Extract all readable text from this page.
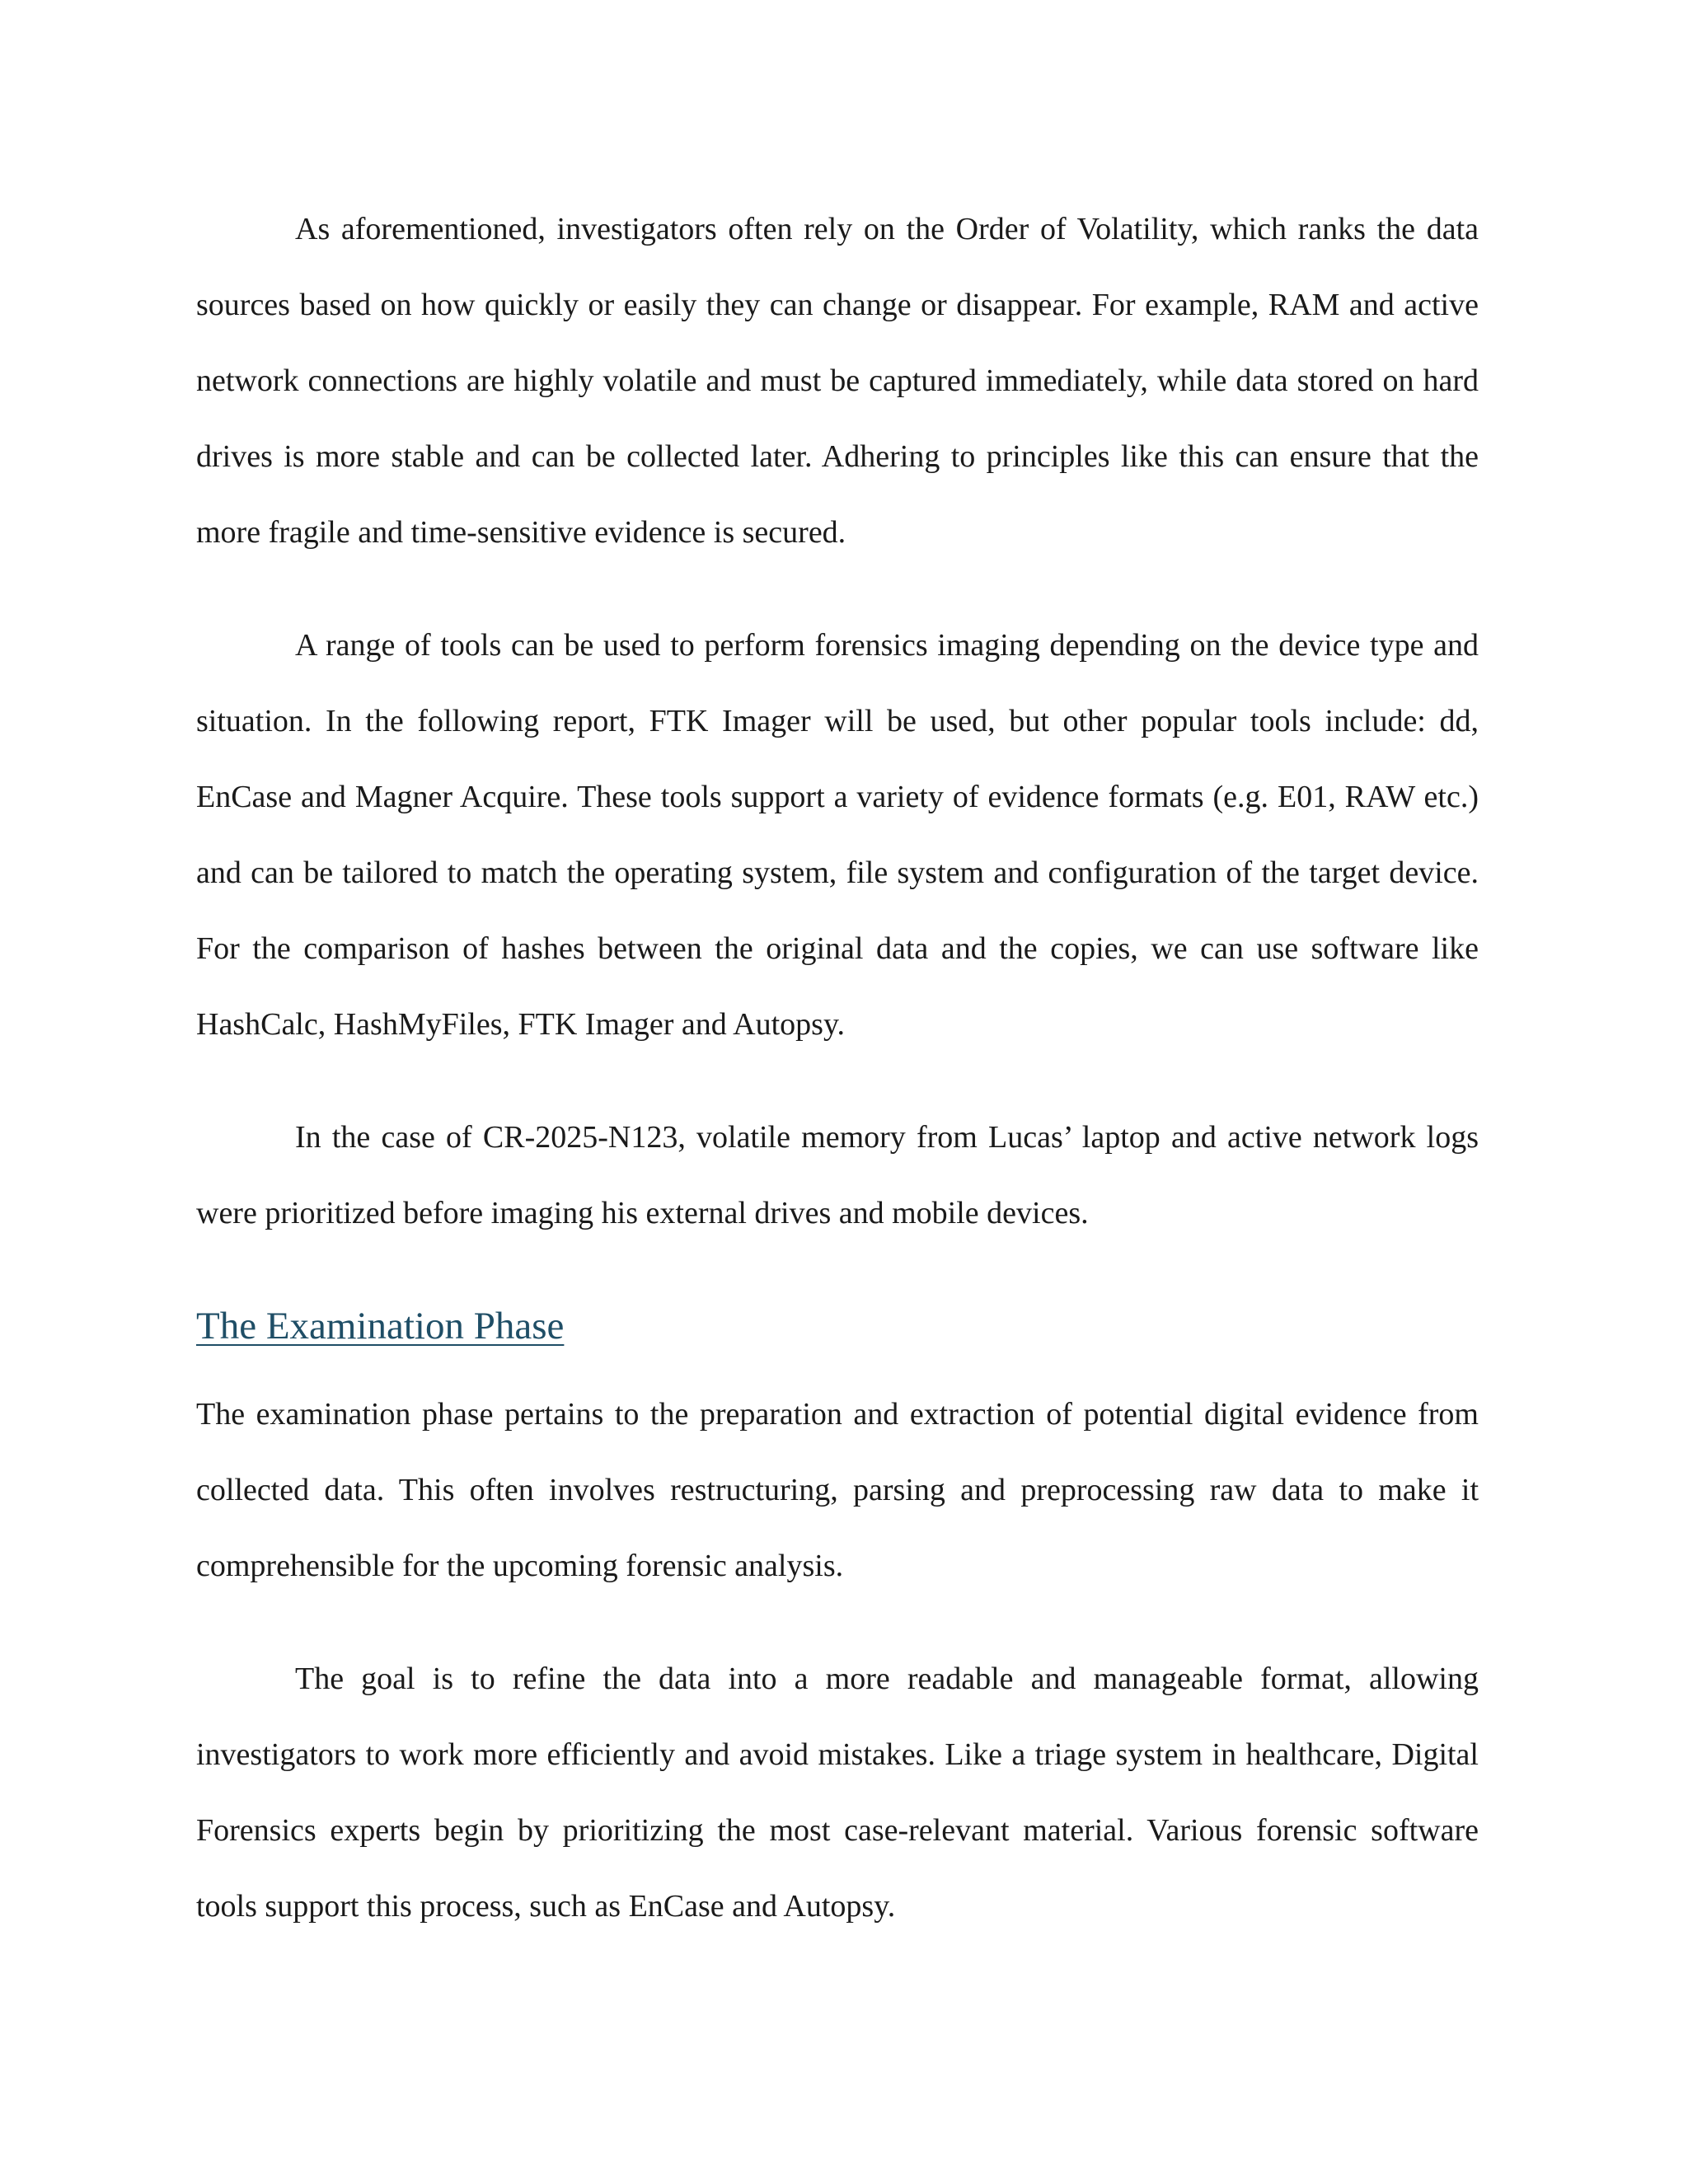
As aforementioned, investigators often rely on the Order of Volatility, which ranks the data sources based on how quickly or easily they can change or disappear. For example, RAM and active network connections are highly volatile and must be captured immediately, while data stored on hard drives is more stable and can be collected later. Adhering to principles like this can ensure that the more fragile and time-sensitive evidence is secured.

A range of tools can be used to perform forensics imaging depending on the device type and situation. In the following report, FTK Imager will be used, but other popular tools include: dd, EnCase and Magner Acquire. These tools support a variety of evidence formats (e.g. E01, RAW etc.) and can be tailored to match the operating system, file system and configuration of the target device. For the comparison of hashes between the original data and the copies, we can use software like HashCalc, HashMyFiles, FTK Imager and Autopsy.

In the case of CR-2025-N123, volatile memory from Lucas’ laptop and active network logs were prioritized before imaging his external drives and mobile devices.

The Examination Phase

The examination phase pertains to the preparation and extraction of potential digital evidence from collected data. This often involves restructuring, parsing and preprocessing raw data to make it comprehensible for the upcoming forensic analysis.

The goal is to refine the data into a more readable and manageable format, allowing investigators to work more efficiently and avoid mistakes. Like a triage system in healthcare, Digital Forensics experts begin by prioritizing the most case-relevant material. Various forensic software tools support this process, such as EnCase and Autopsy.
